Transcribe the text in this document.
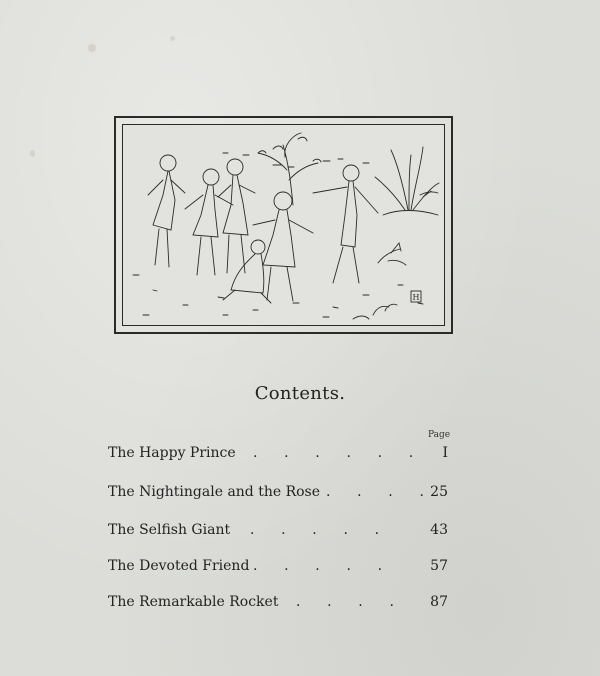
H
Contents.
Page
The Happy Prince .      .      .      .      .      . I
The Nightingale and the Rose .      .      .      . 25
The Selfish Giant .      .      .      .      .	43
The Devoted Friend .      .      .      .      .	57
The Remarkable Rocket .      .      .      .	87
